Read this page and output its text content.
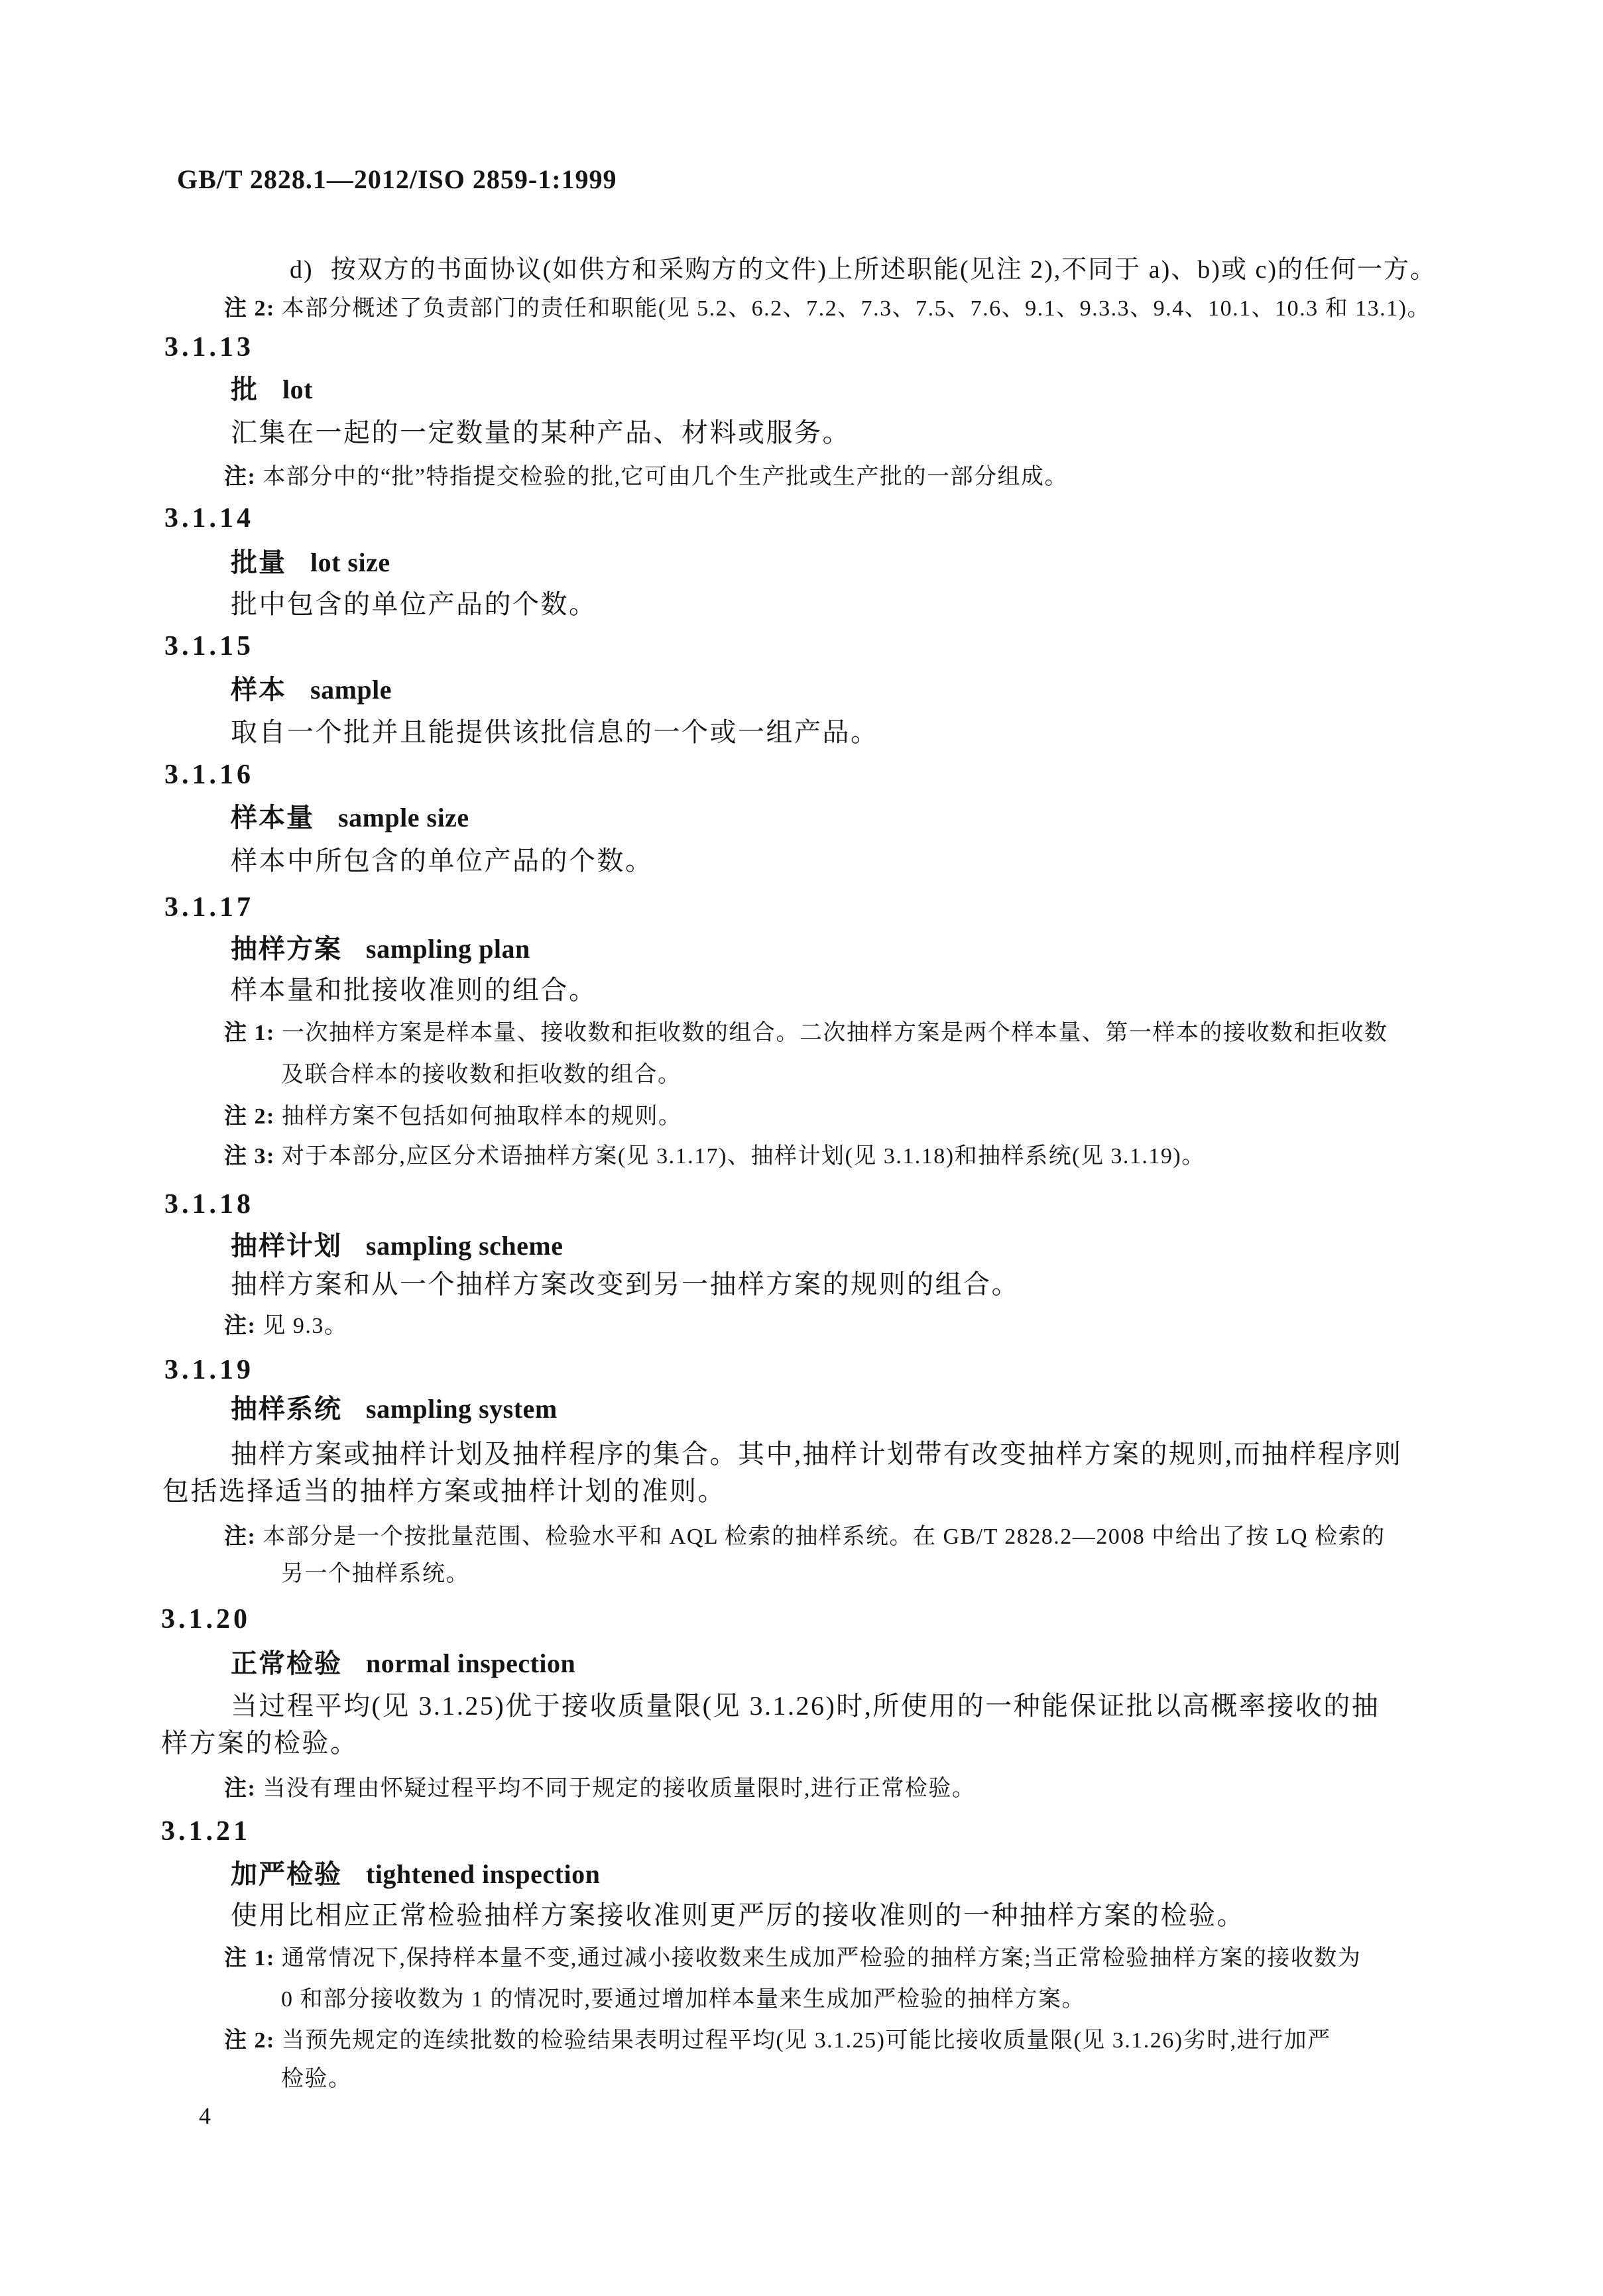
GB/T 2828.1—2012/ISO 2859-1:1999
d) 按双方的书面协议(如供方和采购方的文件)上所述职能(见注 2),不同于 a)、b)或 c)的任何一方。
注 2: 本部分概述了负责部门的责任和职能(见 5.2、6.2、7.2、7.3、7.5、7.6、9.1、9.3.3、9.4、10.1、10.3 和 13.1)。
3.1.13
批 lot
汇集在一起的一定数量的某种产品、材料或服务。
注: 本部分中的“批”特指提交检验的批,它可由几个生产批或生产批的一部分组成。
3.1.14
批量 lot size
批中包含的单位产品的个数。
3.1.15
样本 sample
取自一个批并且能提供该批信息的一个或一组产品。
3.1.16
样本量 sample size
样本中所包含的单位产品的个数。
3.1.17
抽样方案 sampling plan
样本量和批接收准则的组合。
注 1: 一次抽样方案是样本量、接收数和拒收数的组合。二次抽样方案是两个样本量、第一样本的接收数和拒收数
及联合样本的接收数和拒收数的组合。
注 2: 抽样方案不包括如何抽取样本的规则。
注 3: 对于本部分,应区分术语抽样方案(见 3.1.17)、抽样计划(见 3.1.18)和抽样系统(见 3.1.19)。
3.1.18
抽样计划 sampling scheme
抽样方案和从一个抽样方案改变到另一抽样方案的规则的组合。
注: 见 9.3。
3.1.19
抽样系统 sampling system
抽样方案或抽样计划及抽样程序的集合。其中,抽样计划带有改变抽样方案的规则,而抽样程序则
包括选择适当的抽样方案或抽样计划的准则。
注: 本部分是一个按批量范围、检验水平和 AQL 检索的抽样系统。在 GB/T 2828.2—2008 中给出了按 LQ 检索的
另一个抽样系统。
3.1.20
正常检验 normal inspection
当过程平均(见 3.1.25)优于接收质量限(见 3.1.26)时,所使用的一种能保证批以高概率接收的抽
样方案的检验。
注: 当没有理由怀疑过程平均不同于规定的接收质量限时,进行正常检验。
3.1.21
加严检验 tightened inspection
使用比相应正常检验抽样方案接收准则更严厉的接收准则的一种抽样方案的检验。
注 1: 通常情况下,保持样本量不变,通过减小接收数来生成加严检验的抽样方案;当正常检验抽样方案的接收数为
0 和部分接收数为 1 的情况时,要通过增加样本量来生成加严检验的抽样方案。
注 2: 当预先规定的连续批数的检验结果表明过程平均(见 3.1.25)可能比接收质量限(见 3.1.26)劣时,进行加严
检验。
4
